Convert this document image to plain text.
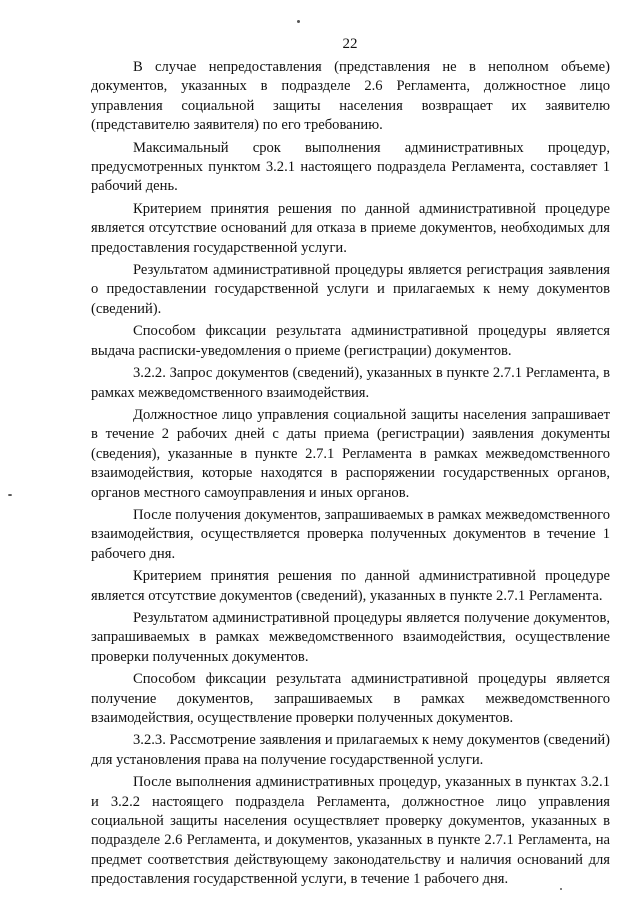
22

В случае непредоставления (представления не в неполном объеме) документов, указанных в подразделе 2.6 Регламента, должностное лицо управления социальной защиты населения возвращает их заявителю (представителю заявителя) по его требованию.

Максимальный срок выполнения административных процедур, предусмотренных пунктом 3.2.1 настоящего подраздела Регламента, составляет 1 рабочий день.

Критерием принятия решения по данной административной процедуре является отсутствие оснований для отказа в приеме документов, необходимых для предоставления государственной услуги.

Результатом административной процедуры является регистрация заявления о предоставлении государственной услуги и прилагаемых к нему документов (сведений).

Способом фиксации результата административной процедуры является выдача расписки-уведомления о приеме (регистрации) документов.

3.2.2. Запрос документов (сведений), указанных в пункте 2.7.1 Регламента, в рамках межведомственного взаимодействия.

Должностное лицо управления социальной защиты населения запрашивает в течение 2 рабочих дней с даты приема (регистрации) заявления документы (сведения), указанные в пункте 2.7.1 Регламента в рамках межведомственного взаимодействия, которые находятся в распоряжении государственных органов, органов местного самоуправления и иных органов.

После получения документов, запрашиваемых в рамках межведомственного взаимодействия, осуществляется проверка полученных документов в течение 1 рабочего дня.

Критерием принятия решения по данной административной процедуре является отсутствие документов (сведений), указанных в пункте 2.7.1 Регламента.

Результатом административной процедуры является получение документов, запрашиваемых в рамках межведомственного взаимодействия, осуществление проверки полученных документов.

Способом фиксации результата административной процедуры является получение документов, запрашиваемых в рамках межведомственного взаимодействия, осуществление проверки полученных документов.

3.2.3. Рассмотрение заявления и прилагаемых к нему документов (сведений) для установления права на получение государственной услуги.

После выполнения административных процедур, указанных в пунктах 3.2.1 и 3.2.2 настоящего подраздела Регламента, должностное лицо управления социальной защиты населения осуществляет проверку документов, указанных в подразделе 2.6 Регламента, и документов, указанных в пункте 2.7.1 Регламента, на предмет соответствия действующему законодательству и наличия оснований для предоставления государственной услуги, в течение 1 рабочего дня.
